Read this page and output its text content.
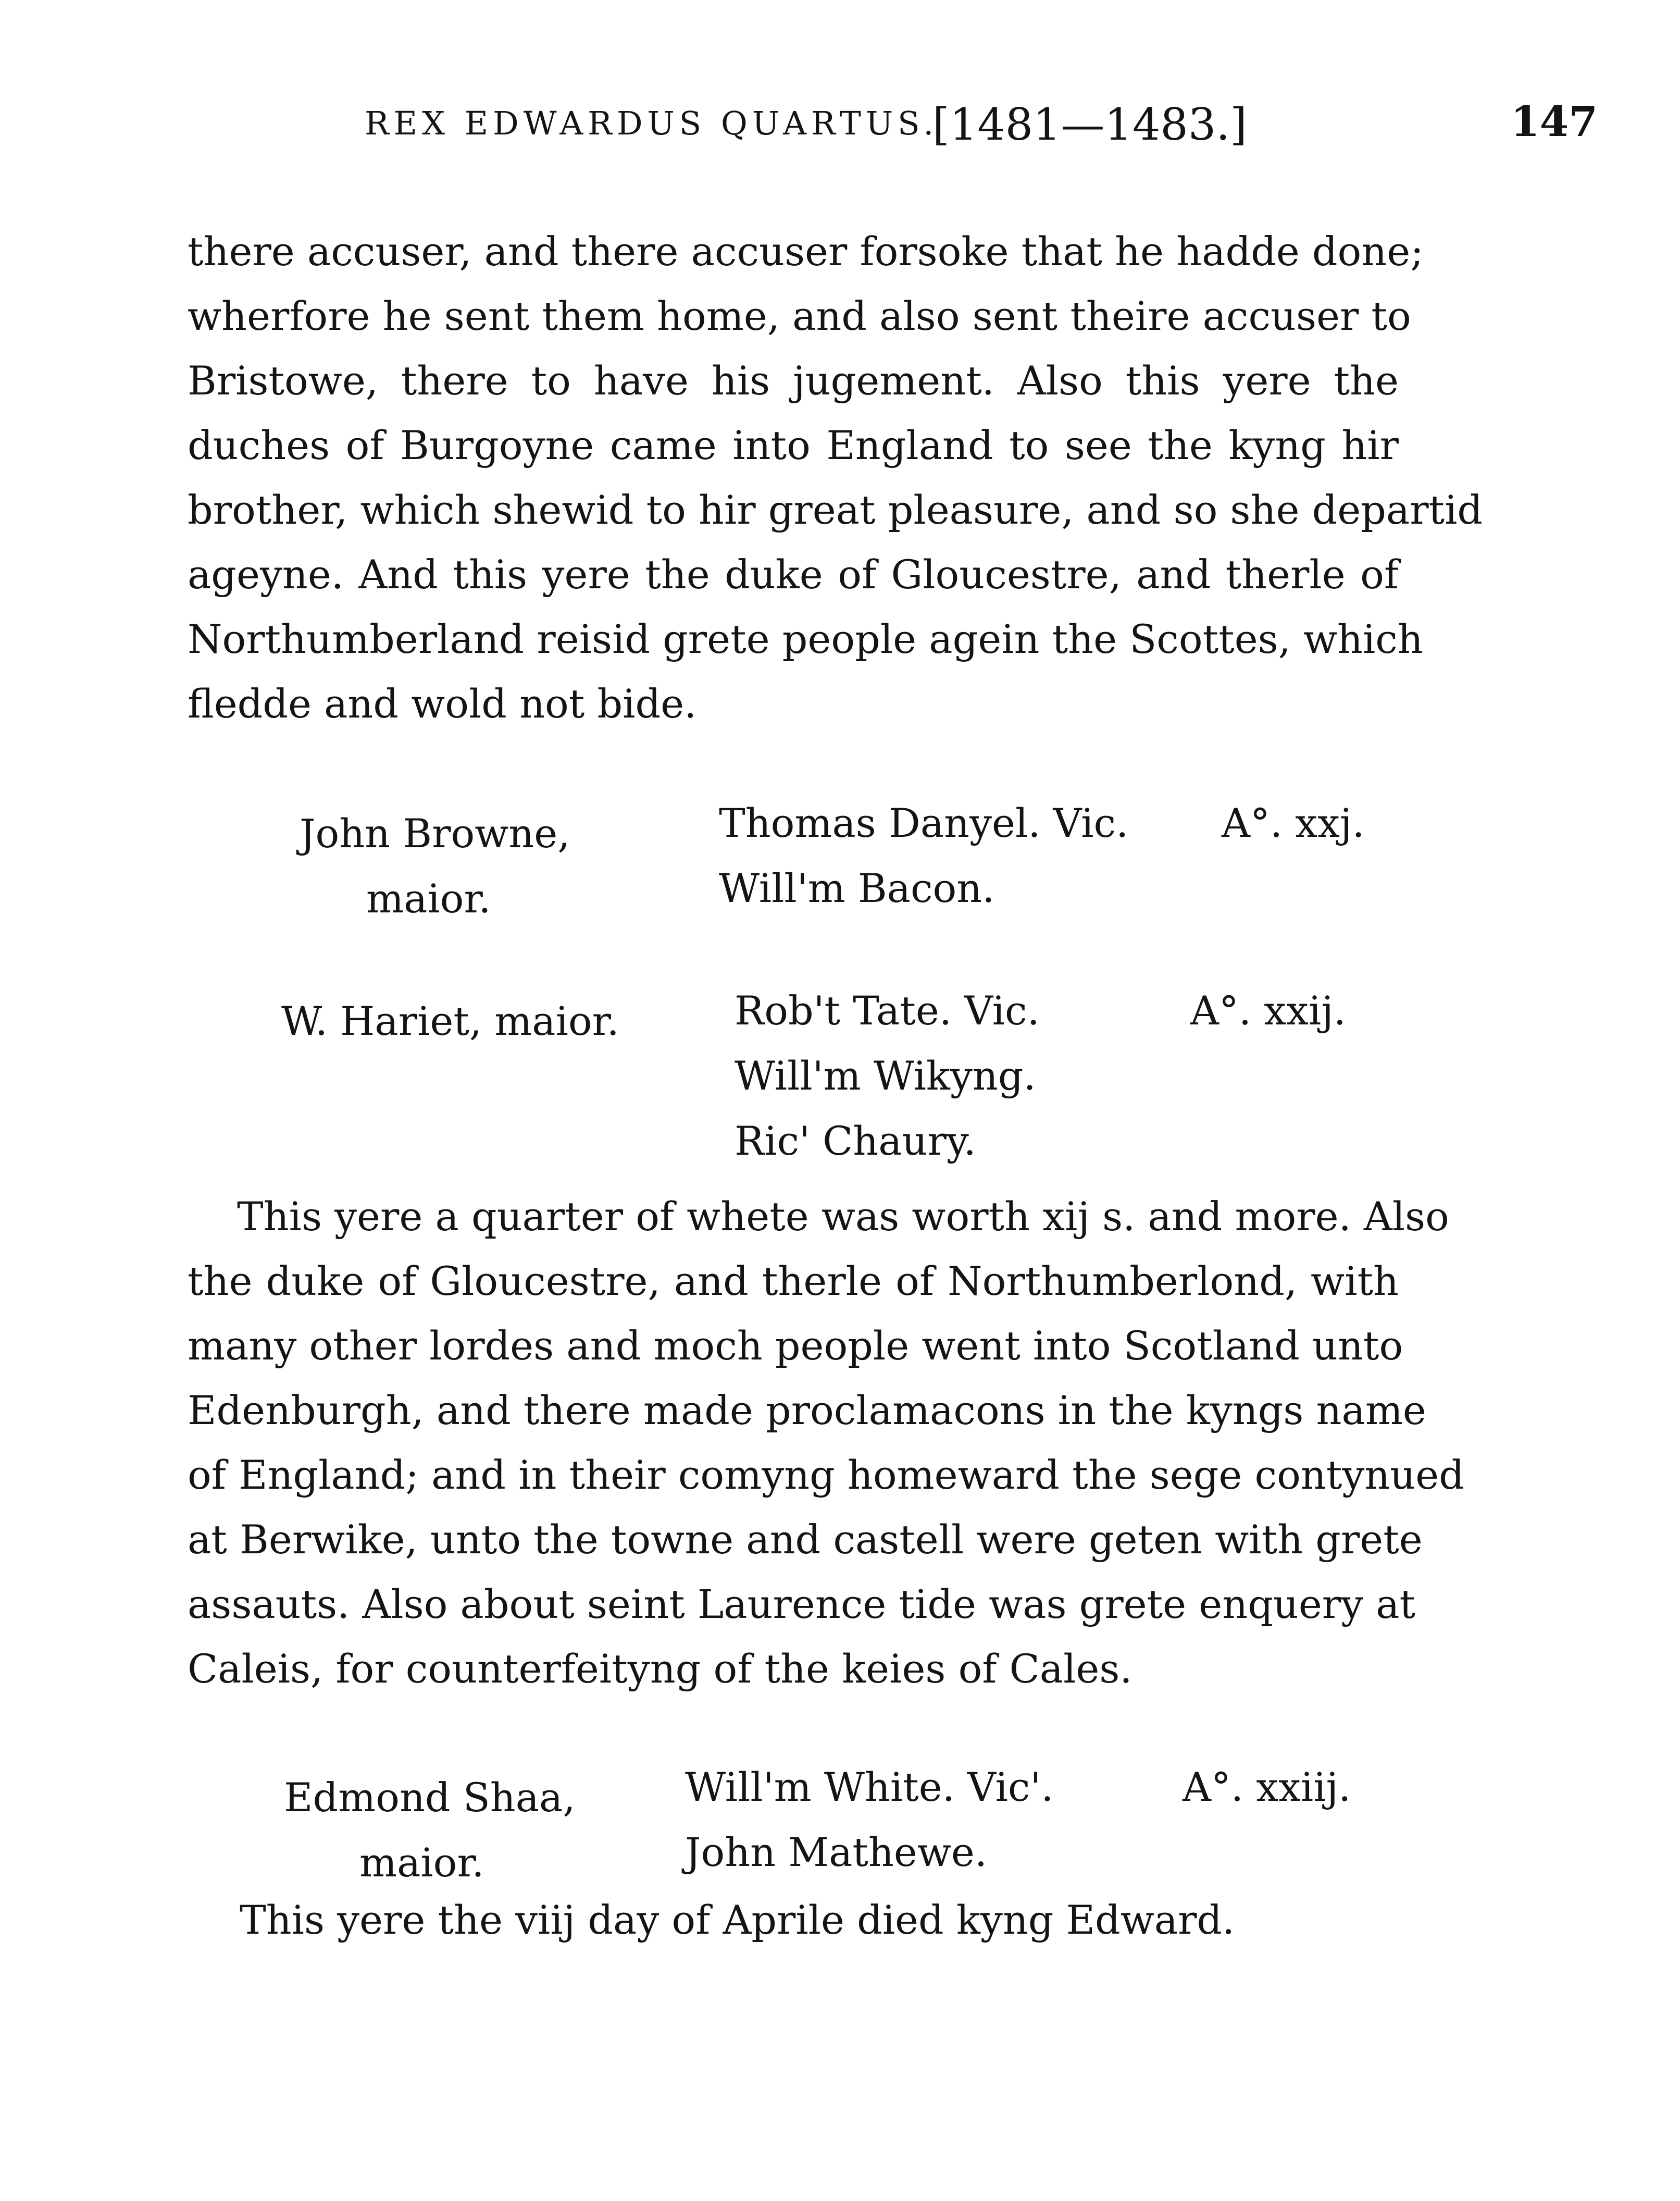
REX EDWARDUS QUARTUS.
[1481—1483.]	147
there accuser, and there accuser forsoke that he hadde done;
wherfore he sent them home, and also sent theire accuser to
Bristowe, there to have his jugement. Also this yere the
duches of Burgoyne came into England to see the kyng hir
brother, which shewid to hir great pleasure, and so she departid
ageyne. And this yere the duke of Gloucestre, and therle of
Northumberland reisid grete people agein the Scottes, which
fledde and wold not bide.
John Browne,
maior.
Thomas Danyel. Vic.
Will'm Bacon.
A°. xxj.
W. Hariet, maior.	Rob't Tate. Vic.
Will'm Wikyng.
Ric' Chaury.
A°. xxij.
This yere a quarter of whete was worth xij s. and more. Also
the duke of Gloucestre, and therle of Northumberlond, with
many other lordes and moch people went into Scotland unto
Edenburgh, and there made proclamacons in the kyngs name
of England; and in their comyng homeward the sege contynued
at Berwike, unto the towne and castell were geten with grete
assauts. Also about seint Laurence tide was grete enquery at
Caleis, for counterfeityng of the keies of Cales.
Edmond Shaa,
maior.
Will'm White. Vic'.
John Mathewe.
A°. xxiij.
This yere the viij day of Aprile died kyng Edward.
